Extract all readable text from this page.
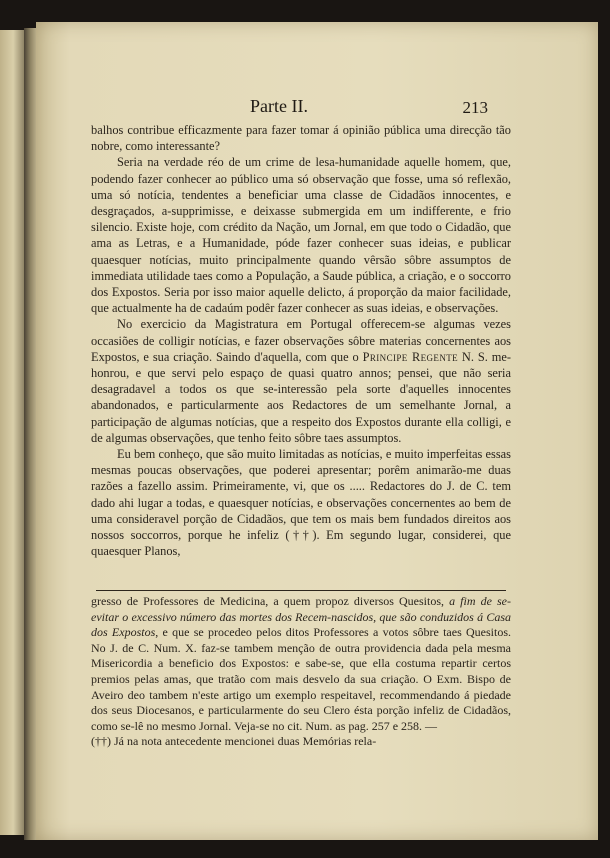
Parte II.	213

balhos contribue efficazmente para fazer tomar á opinião pública uma direcção tão nobre, como interessante?

Seria na verdade réo de um crime de lesa-humanidade aquelle homem, que, podendo fazer conhecer ao público uma só observação que fosse, uma só reflexão, uma só notícia, tendentes a beneficiar uma classe de Cidadãos innocentes, e desgraçados, a-supprimisse, e deixasse submergida em um indifferente, e frio silencio. Existe hoje, com crédito da Nação, um Jornal, em que todo o Cidadão, que ama as Letras, e a Humanidade, póde fazer conhecer suas ideias, e publicar quaesquer notícias, muito principalmente quando vêrsão sôbre assumptos de immediata utilidade taes como a População, a Saude pública, a criação, e o soccorro dos Expostos. Seria por isso maior aquelle delicto, á proporção da maior facilidade, que actualmente ha de cadaúm podêr fazer conhecer as suas ideias, e observações.

No exercicio da Magistratura em Portugal offerecem-se algumas vezes occasiões de colligir notícias, e fazer observações sôbre materias concernentes aos Expostos, e sua criação. Saindo d'aquella, com que o Principe Regente N. S. me-honrou, e que servi pelo espaço de quasi quatro annos; pensei, que não seria desagradavel a todos os que se-interessão pela sorte d'aquelles innocentes abandonados, e particularmente aos Redactores de um semelhante Jornal, a participação de algumas notícias, que a respeito dos Expostos durante ella colligi, e de algumas observações, que tenho feito sôbre taes assumptos.

Eu bem conheço, que são muito limitadas as notícias, e muito imperfeitas essas mesmas poucas observações, que poderei apresentar; porêm animarão-me duas razões a fazello assim. Primeiramente, vi, que os ..... Redactores do J. de C. tem dado ahi lugar a todas, e quaesquer notícias, e observações concernentes ao bem de uma consideravel porção de Cidadãos, que tem os mais bem fundados direitos aos nossos soccorros, porque he infeliz (††). Em segundo lugar, considerei, que quaesquer Planos,

gresso de Professores de Medicina, a quem propoz diversos Quesitos, a fim de se-evitar o excessivo número das mortes dos Recem-nascidos, que são conduzidos á Casa dos Expostos, e que se procedeo pelos ditos Professores a votos sôbre taes Quesitos. No J. de C. Num. X. faz-se tambem menção de outra providencia dada pela mesma Misericordia a beneficio dos Expostos: e sabe-se, que ella costuma repartir certos premios pelas amas, que tratão com mais desvelo da sua criação. O Exm. Bispo de Aveiro deo tambem n'este artigo um exemplo respeitavel, recommendando á piedade dos seus Diocesanos, e particularmente do seu Clero ésta porção infeliz de Cidadãos, como se-lê no mesmo Jornal. Veja-se no cit. Num. as pag. 257 e 258. —

(††) Já na nota antecedente mencionei duas Memórias rela-
